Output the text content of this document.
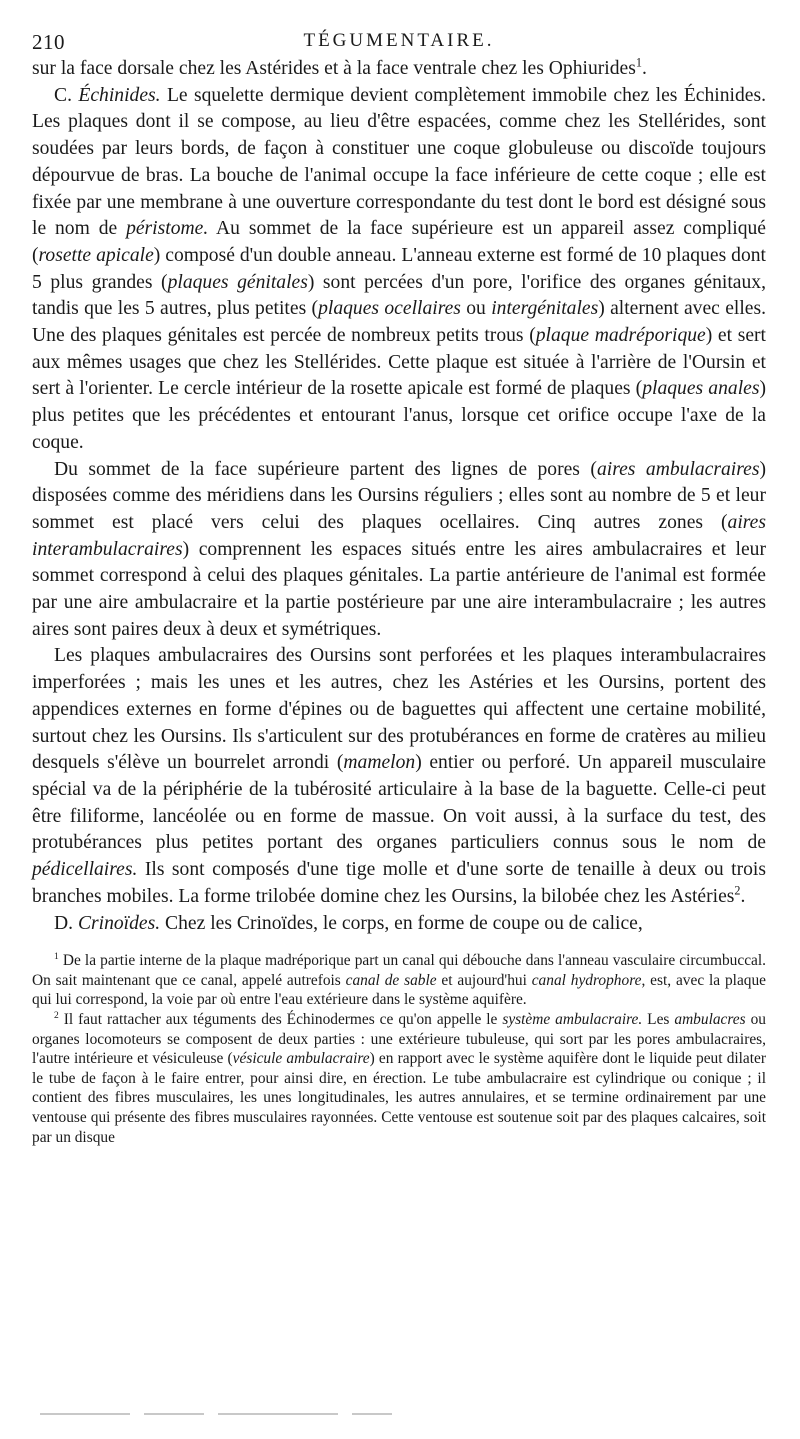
210	TÉGUMENTAIRE.

sur la face dorsale chez les Astérides et à la face ventrale chez les Ophiurides$^1$.

C. Échinides. Le squelette dermique devient complètement immobile chez les Échinides. Les plaques dont il se compose, au lieu d'être espacées, comme chez les Stellérides, sont soudées par leurs bords, de façon à constituer une coque globuleuse ou discoïde toujours dépourvue de bras. La bouche de l'animal occupe la face inférieure de cette coque ; elle est fixée par une membrane à une ouverture correspondante du test dont le bord est désigné sous le nom de péristome. Au sommet de la face supérieure est un appareil assez compliqué (rosette apicale) composé d'un double anneau. L'anneau externe est formé de 10 plaques dont 5 plus grandes (plaques génitales) sont percées d'un pore, l'orifice des organes génitaux, tandis que les 5 autres, plus petites (plaques ocellaires ou intergénitales) alternent avec elles. Une des plaques génitales est percée de nombreux petits trous (plaque madréporique) et sert aux mêmes usages que chez les Stellérides. Cette plaque est située à l'arrière de l'Oursin et sert à l'orienter. Le cercle intérieur de la rosette apicale est formé de plaques (plaques anales) plus petites que les précédentes et entourant l'anus, lorsque cet orifice occupe l'axe de la coque.

Du sommet de la face supérieure partent des lignes de pores (aires ambulacraires) disposées comme des méridiens dans les Oursins réguliers ; elles sont au nombre de 5 et leur sommet est placé vers celui des plaques ocellaires. Cinq autres zones (aires interambulacraires) comprennent les espaces situés entre les aires ambulacraires et leur sommet correspond à celui des plaques génitales. La partie antérieure de l'animal est formée par une aire ambulacraire et la partie postérieure par une aire interambulacraire ; les autres aires sont paires deux à deux et symétriques.

Les plaques ambulacraires des Oursins sont perforées et les plaques interambulacraires imperforées ; mais les unes et les autres, chez les Astéries et les Oursins, portent des appendices externes en forme d'épines ou de baguettes qui affectent une certaine mobilité, surtout chez les Oursins. Ils s'articulent sur des protubérances en forme de cratères au milieu desquels s'élève un bourrelet arrondi (mamelon) entier ou perforé. Un appareil musculaire spécial va de la périphérie de la tubérosité articulaire à la base de la baguette. Celle-ci peut être filiforme, lancéolée ou en forme de massue. On voit aussi, à la surface du test, des protubérances plus petites portant des organes particuliers connus sous le nom de pédicellaires. Ils sont composés d'une tige molle et d'une sorte de tenaille à deux ou trois branches mobiles. La forme trilobée domine chez les Oursins, la bilobée chez les Astéries$^2$.

D. Crinoïdes. Chez les Crinoïdes, le corps, en forme de coupe ou de calice,

$^1$ De la partie interne de la plaque madréporique part un canal qui débouche dans l'anneau vasculaire circumbuccal. On sait maintenant que ce canal, appelé autrefois canal de sable et aujourd'hui canal hydrophore, est, avec la plaque qui lui correspond, la voie par où entre l'eau extérieure dans le système aquifère.

$^2$ Il faut rattacher aux téguments des Échinodermes ce qu'on appelle le système ambulacraire. Les ambulacres ou organes locomoteurs se composent de deux parties : une extérieure tubuleuse, qui sort par les pores ambulacraires, l'autre intérieure et vésiculeuse (vésicule ambulacraire) en rapport avec le système aquifère dont le liquide peut dilater le tube de façon à le faire entrer, pour ainsi dire, en érection. Le tube ambulacraire est cylindrique ou conique ; il contient des fibres musculaires, les unes longitudinales, les autres annulaires, et se termine ordinairement par une ventouse qui présente des fibres musculaires rayonnées. Cette ventouse est soutenue soit par des plaques calcaires, soit par un disque
